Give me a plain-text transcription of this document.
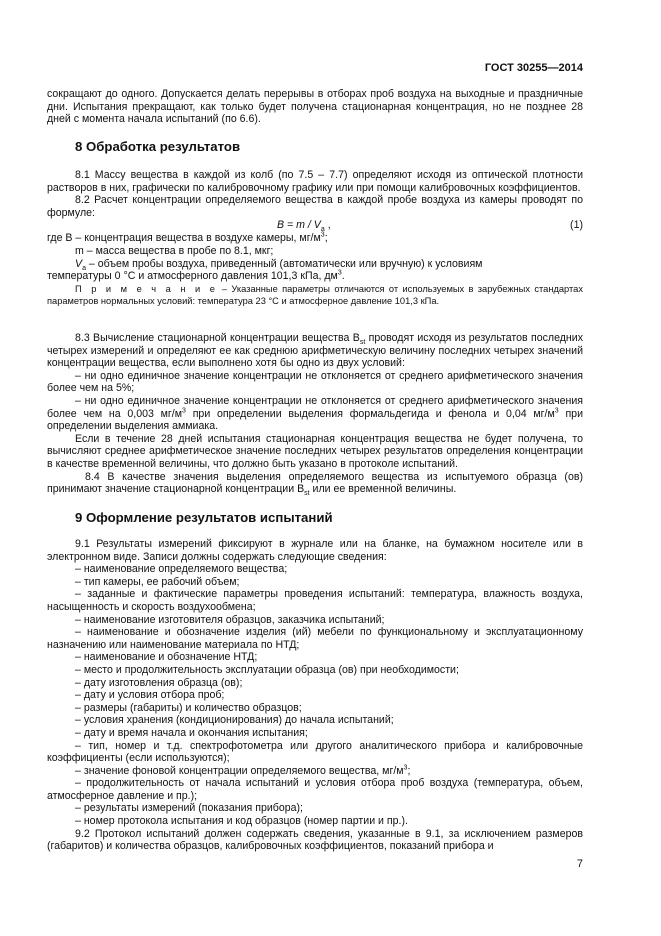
ГОСТ 30255—2014

сокращают до одного. Допускается делать перерывы в отборах проб воздуха на выходные и праздничные дни. Испытания прекращают, как только будет получена стационарная концентрация, но не позднее 28 дней с момента начала испытаний (по 6.6).

8 Обработка результатов

8.1 Массу вещества в каждой из колб (по 7.5 – 7.7) определяют исходя из оптической плотности растворов в них, графически по калибровочному графику или при помощи калибровочных коэффициентов.

8.2 Расчет концентрации определяемого вещества в каждой пробе воздуха из камеры проводят по формуле:

$B = m / V_a$ ,	(1)

где B – концентрация вещества в воздухе камеры, $мг/м^3$;

m – масса вещества в пробе по 8.1, мкг;

$V_а$ – объем пробы воздуха, приведенный (автоматически или вручную) к условиям

температуры 0 °С и атмосферного давления 101,3 кПа, $дм^3$.

П р и м е ч а н и е – Указанные параметры отличаются от используемых в зарубежных стандартах параметров нормальных условий: температура 23 °С и атмосферное давление 101,3 кПа.

8.3 Вычисление стационарной концентрации вещества $В_{st}$ проводят исходя из результатов последних четырех измерений и определяют ее как среднюю арифметическую величину последних четырех значений концентрации вещества, если выполнено хотя бы одно из двух условий:

– ни одно единичное значение концентрации не отклоняется от среднего арифметического значения более чем на 5%;

– ни одно единичное значение концентрации не отклоняется от среднего арифметического значения более чем на 0,003 $мг/м^3$ при определении выделения формальдегида и фенола и 0,04 $мг/м^3$ при определении выделения аммиака.

Если в течение 28 дней испытания стационарная концентрация вещества не будет получена, то вычисляют среднее арифметическое значение последних четырех результатов определения концентрации в качестве временной величины, что должно быть указано в протоколе испытаний.

8.4 В качестве значения выделения определяемого вещества из испытуемого образца (ов) принимают значение стационарной концентрации $В_{st}$ или ее временной величины.

9 Оформление результатов испытаний

9.1 Результаты измерений фиксируют в журнале или на бланке, на бумажном носителе или в электронном виде. Записи должны содержать следующие сведения:

– наименование определяемого вещества;

– тип камеры, ее рабочий объем;

– заданные и фактические параметры проведения испытаний: температура, влажность воздуха, насыщенность и скорость воздухообмена;

– наименование изготовителя образцов, заказчика испытаний;

– наименование и обозначение изделия (ий) мебели по функциональному и эксплуатационному назначению или наименование материала по НТД;

– наименование и обозначение НТД;

– место и продолжительность эксплуатации образца (ов) при необходимости;

– дату изготовления образца (ов);

– дату и условия отбора проб;

– размеры (габариты) и количество образцов;

– условия хранения (кондиционирования) до начала испытаний;

– дату и время начала и окончания испытания;

– тип, номер и т.д. спектрофотометра или другого аналитического прибора и калибровочные коэффициенты (если используются);

– значение фоновой концентрации определяемого вещества, $мг/м^3$;

– продолжительность от начала испытаний и условия отбора проб воздуха (температура, объем, атмосферное давление и пр.);

– результаты измерений (показания прибора);

– номер протокола испытания и код образцов (номер партии и пр.).

9.2 Протокол испытаний должен содержать сведения, указанные в 9.1, за исключением размеров (габаритов) и количества образцов, калибровочных коэффициентов, показаний прибора и

7
